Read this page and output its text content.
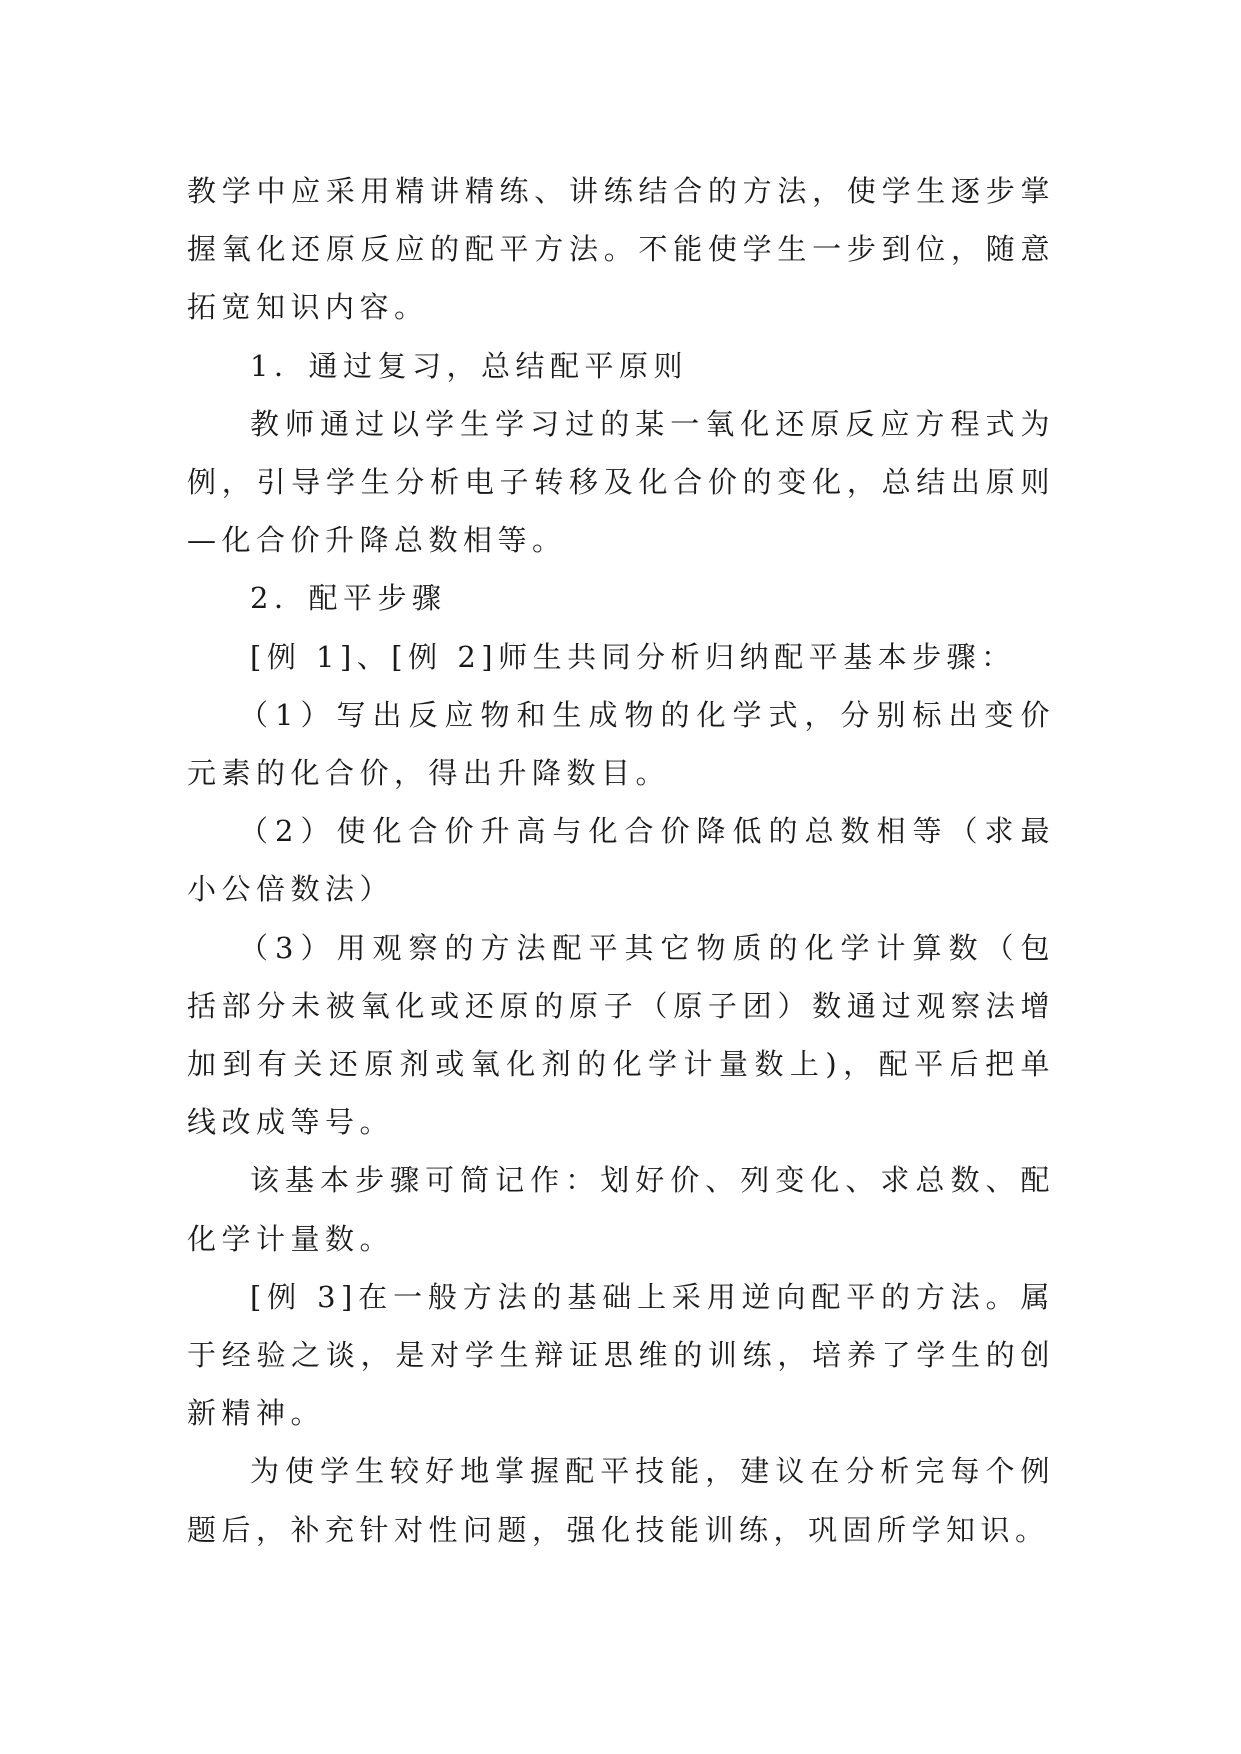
教学中应采用精讲精练、讲练结合的方法，使学生逐步掌握氧化还原反应的配平方法。不能使学生一步到位，随意拓宽知识内容。

1．通过复习，总结配平原则

教师通过以学生学习过的某一氧化还原反应方程式为例，引导学生分析电子转移及化合价的变化，总结出原则—化合价升降总数相等。

2．配平步骤

[例 1]、[例 2]师生共同分析归纳配平基本步骤：

（1）写出反应物和生成物的化学式，分别标出变价元素的化合价，得出升降数目。

（2）使化合价升高与化合价降低的总数相等（求最小公倍数法）

（3）用观察的方法配平其它物质的化学计算数（包括部分未被氧化或还原的原子（原子团）数通过观察法增加到有关还原剂或氧化剂的化学计量数上)，配平后把单线改成等号。

该基本步骤可简记作：划好价、列变化、求总数、配化学计量数。

[例 3]在一般方法的基础上采用逆向配平的方法。属于经验之谈，是对学生辩证思维的训练，培养了学生的创新精神。

为使学生较好地掌握配平技能，建议在分析完每个例题后，补充针对性问题，强化技能训练，巩固所学知识。
